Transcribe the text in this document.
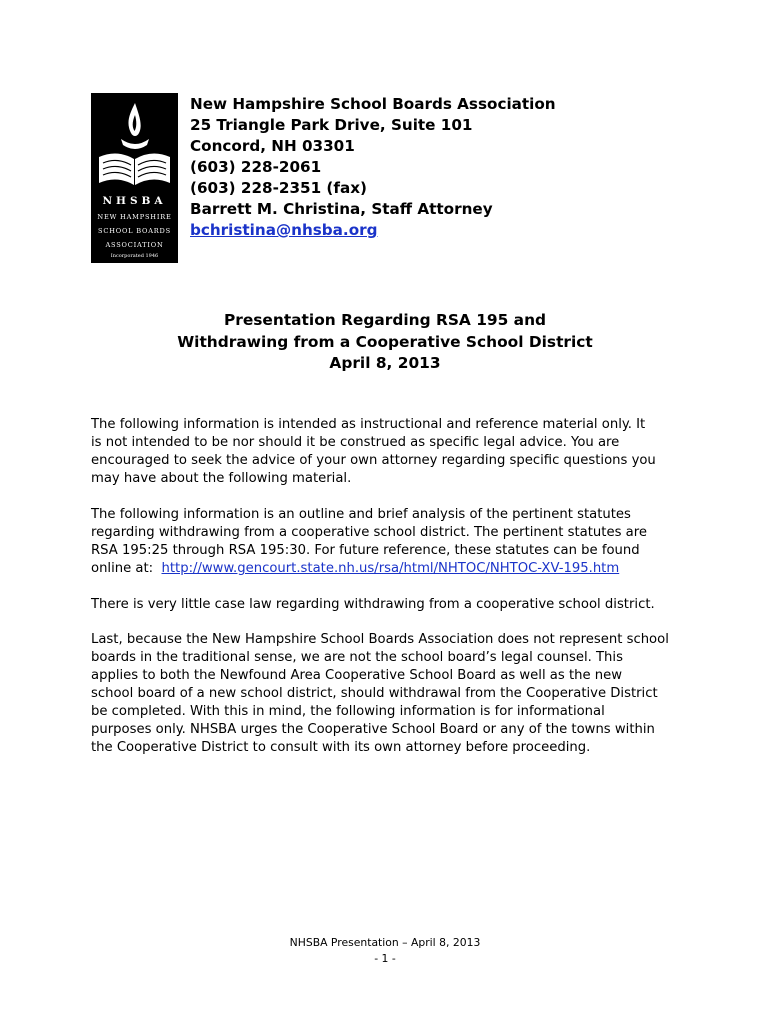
NHSBA
NEW HAMPSHIRE
SCHOOL BOARDS
ASSOCIATION
Incorporated 1946
New Hampshire School Boards Association
25 Triangle Park Drive, Suite 101
Concord, NH 03301
(603) 228-2061
(603) 228-2351 (fax)
Barrett M. Christina, Staff Attorney
bchristina@nhsba.org
Presentation Regarding RSA 195 and
Withdrawing from a Cooperative School District
April 8, 2013
The following information is intended as instructional and reference material only. It
is not intended to be nor should it be construed as specific legal advice. You are
encouraged to seek the advice of your own attorney regarding specific questions you
may have about the following material.
The following information is an outline and brief analysis of the pertinent statutes
regarding withdrawing from a cooperative school district. The pertinent statutes are
RSA 195:25 through RSA 195:30. For future reference, these statutes can be found
online at:  http://www.gencourt.state.nh.us/rsa/html/NHTOC/NHTOC-XV-195.htm
There is very little case law regarding withdrawing from a cooperative school district.
Last, because the New Hampshire School Boards Association does not represent school
boards in the traditional sense, we are not the school board’s legal counsel. This
applies to both the Newfound Area Cooperative School Board as well as the new
school board of a new school district, should withdrawal from the Cooperative District
be completed. With this in mind, the following information is for informational
purposes only. NHSBA urges the Cooperative School Board or any of the towns within
the Cooperative District to consult with its own attorney before proceeding.
NHSBA Presentation – April 8, 2013
- 1 -
